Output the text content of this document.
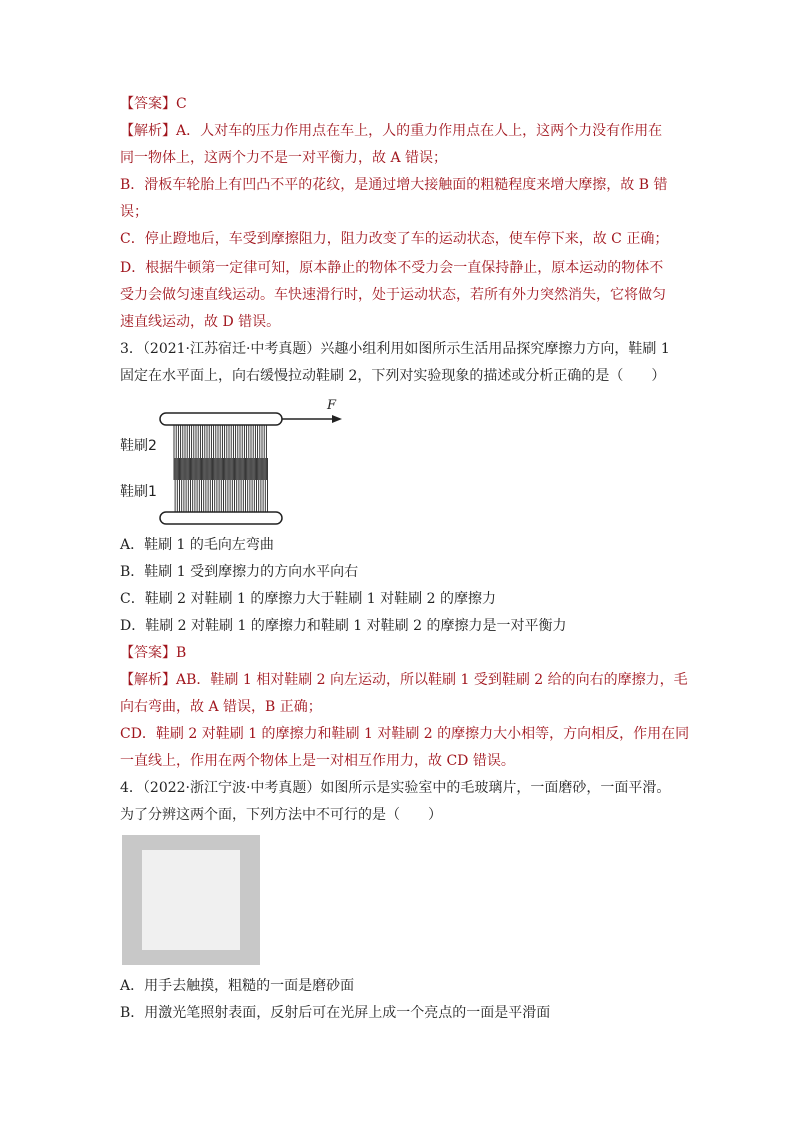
【答案】C
【解析】A．人对车的压力作用点在车上，人的重力作用点在人上，这两个力没有作用在
同一物体上，这两个力不是一对平衡力，故 A 错误；
B．滑板车轮胎上有凹凸不平的花纹，是通过增大接触面的粗糙程度来增大摩擦，故 B 错
误；
C．停止蹬地后，车受到摩擦阻力，阻力改变了车的运动状态，使车停下来，故 C 正确；
D．根据牛顿第一定律可知，原本静止的物体不受力会一直保持静止，原本运动的物体不
受力会做匀速直线运动。车快速滑行时，处于运动状态，若所有外力突然消失，它将做匀
速直线运动，故 D 错误。
3．（2021·江苏宿迁·中考真题）兴趣小组利用如图所示生活用品探究摩擦力方向，鞋刷 1
固定在水平面上，向右缓慢拉动鞋刷 2，下列对实验现象的描述或分析正确的是（　　）
F
鞋刷2
鞋刷1
A．鞋刷 1 的毛向左弯曲
B．鞋刷 1 受到摩擦力的方向水平向右
C．鞋刷 2 对鞋刷 1 的摩擦力大于鞋刷 1 对鞋刷 2 的摩擦力
D．鞋刷 2 对鞋刷 1 的摩擦力和鞋刷 1 对鞋刷 2 的摩擦力是一对平衡力
【答案】B
【解析】AB．鞋刷 1 相对鞋刷 2 向左运动，所以鞋刷 1 受到鞋刷 2 给的向右的摩擦力，毛
向右弯曲，故 A 错误，B 正确；
CD．鞋刷 2 对鞋刷 1 的摩擦力和鞋刷 1 对鞋刷 2 的摩擦力大小相等，方向相反，作用在同
一直线上，作用在两个物体上是一对相互作用力，故 CD 错误。
4．（2022·浙江宁波·中考真题）如图所示是实验室中的毛玻璃片，一面磨砂，一面平滑。
为了分辨这两个面，下列方法中不可行的是（　　）
A．用手去触摸，粗糙的一面是磨砂面
B．用激光笔照射表面，反射后可在光屏上成一个亮点的一面是平滑面
